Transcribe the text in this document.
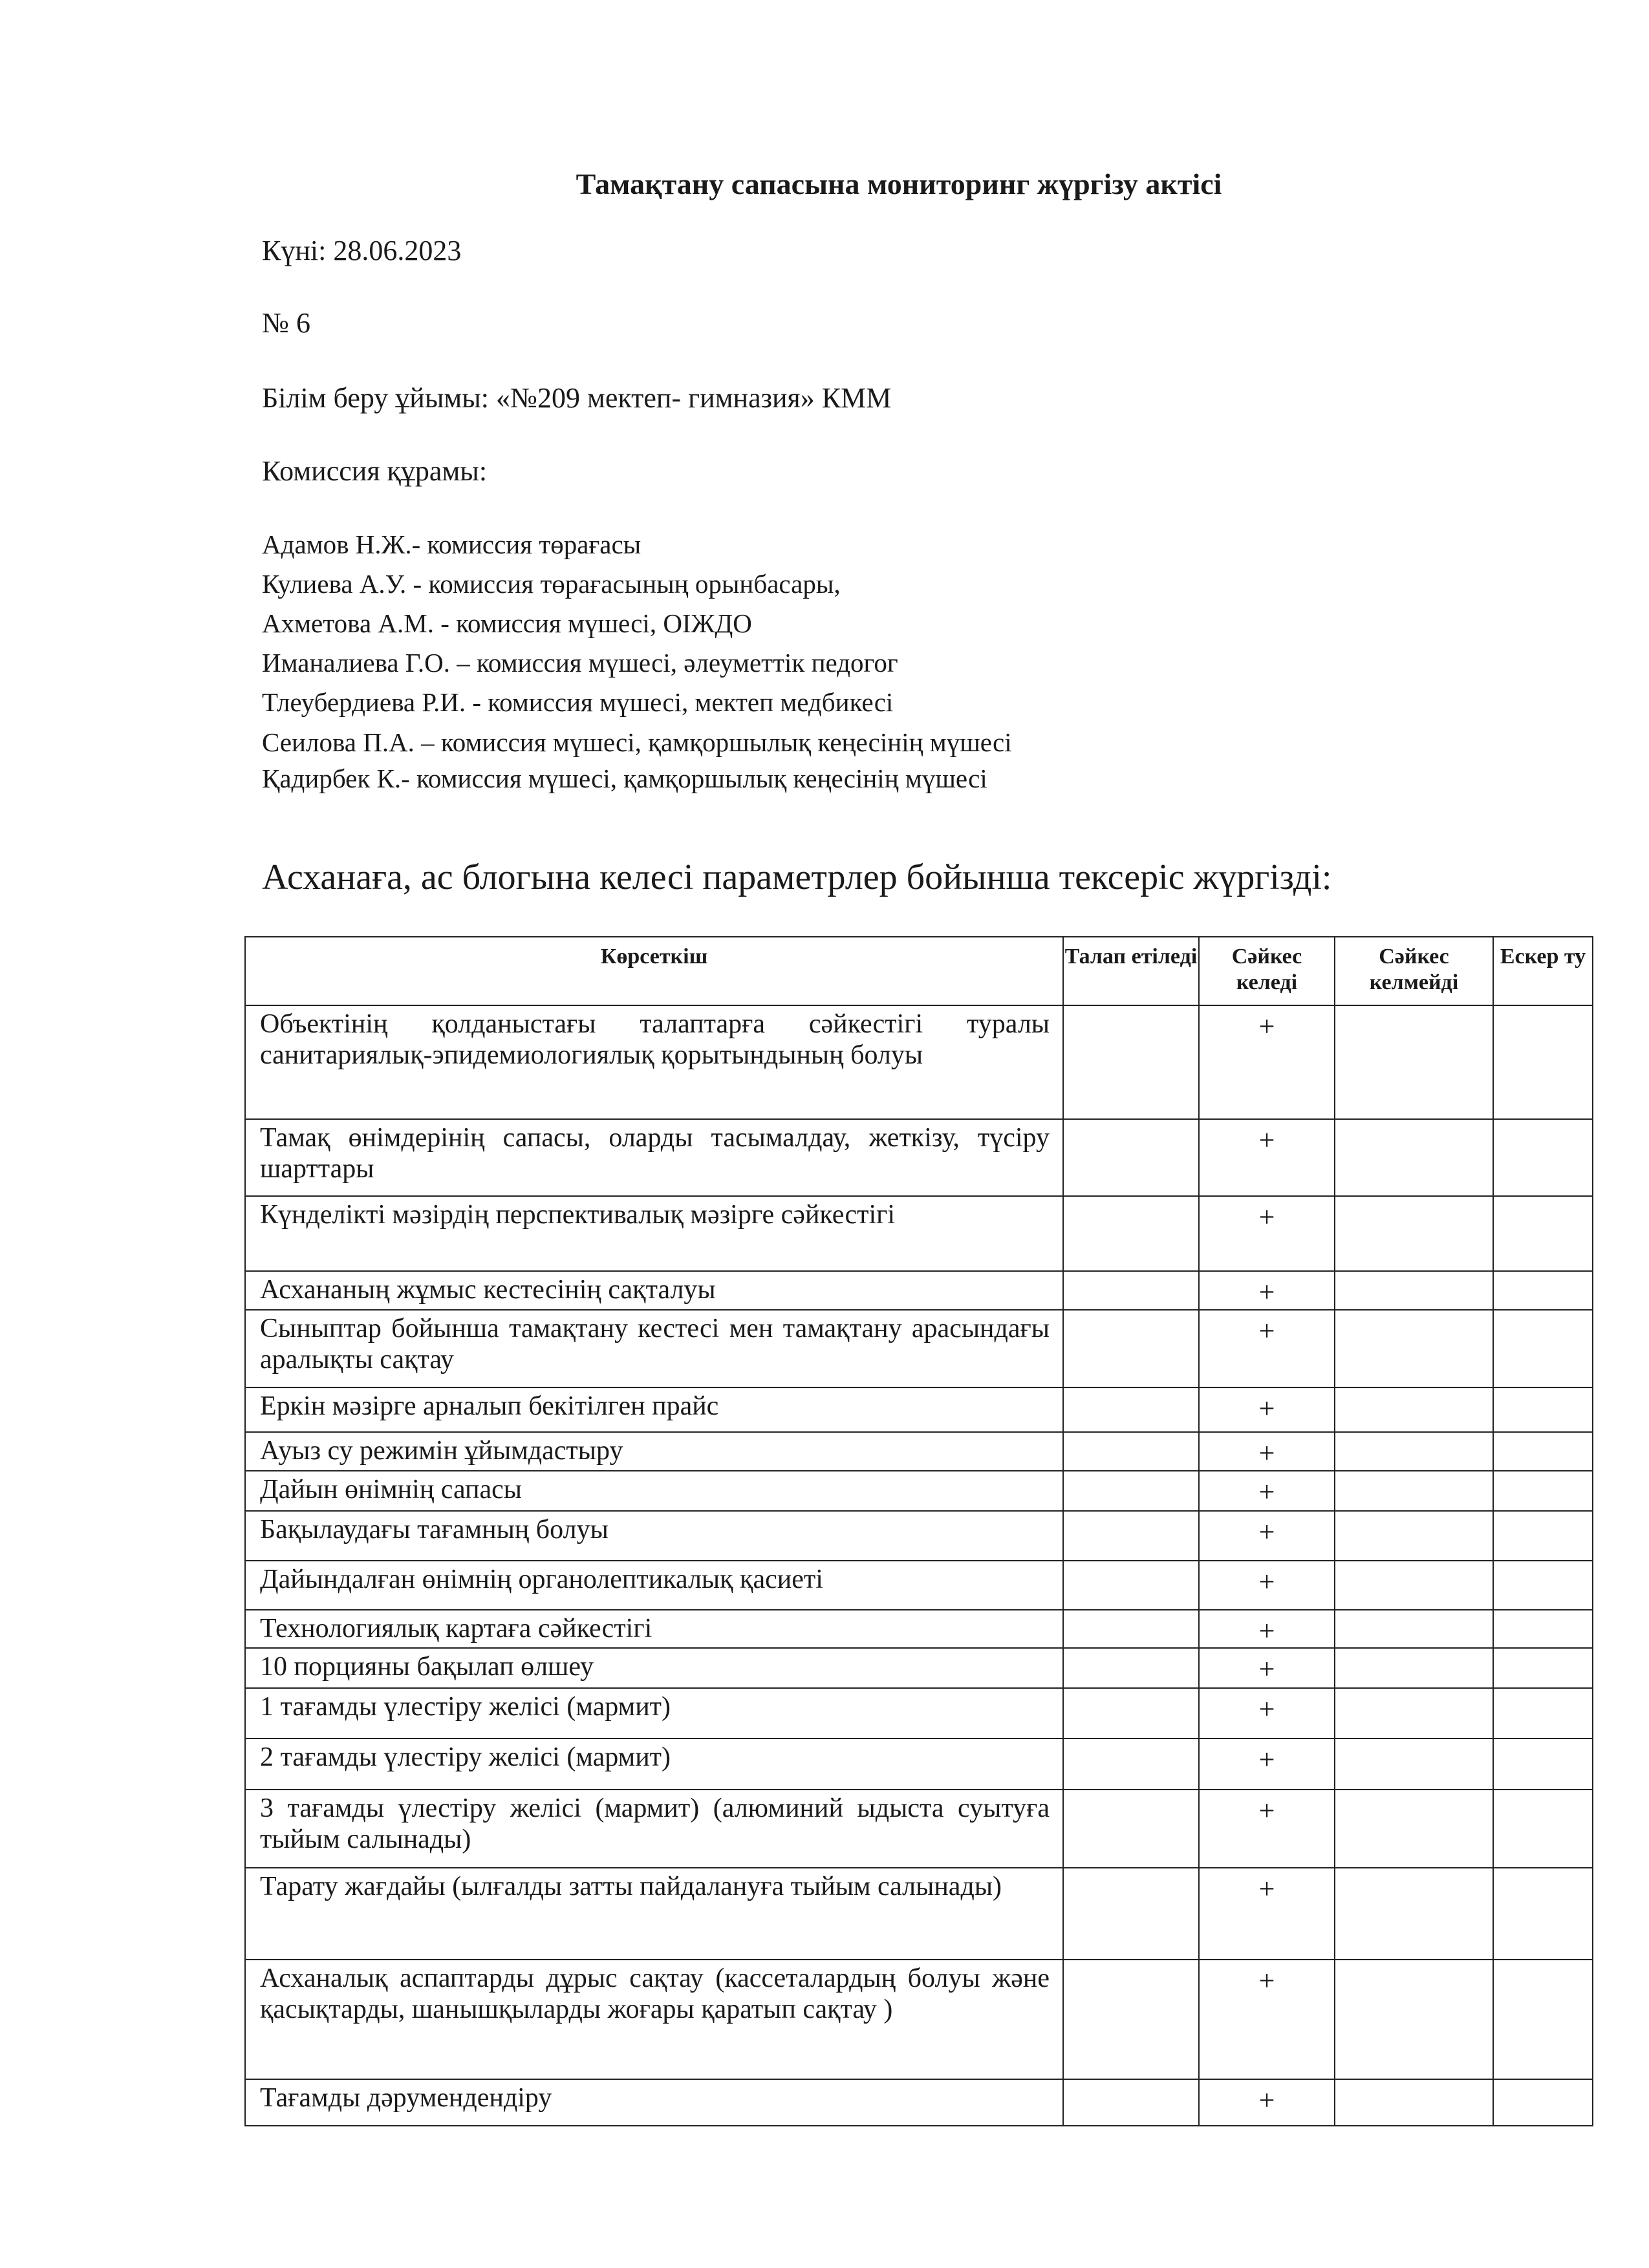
Тамақтану сапасына мониторинг жүргізу актісі

Күні: 28.06.2023

№ 6

Білім беру ұйымы: «№209 мектеп- гимназия» КММ

Комиссия құрамы:

Адамов Н.Ж.- комиссия төрағасы

Кулиева А.У. - комиссия төрағасының орынбасары,

Ахметова А.М. - комиссия мүшесі, ОІЖДО

Иманалиева Г.О. – комиссия мүшесі, әлеуметтік педогог

Тлеубердиева Р.И. - комиссия мүшесі, мектеп медбикесі

Сеилова П.А. – комиссия мүшесі, қамқоршылық кеңесінің мүшесі

Қадирбек К.- комиссия мүшесі, қамқоршылық кеңесінің мүшесі

Асханаға, ас блогына келесі параметрлер бойынша тексеріс жүргізді:

Көрсеткіш	Талап етіледі	Сәйкес келеді	Сәйкес келмейді	Ескер ту
Объектінің қолданыстағы талаптарға сәйкестігі туралы санитариялық-эпидемиологиялық қорытындының болуы		+		
Тамақ өнімдерінің сапасы, оларды тасымалдау, жеткізу, түсіру шарттары		+		
Күнделікті мәзірдің перспективалық мәзірге сәйкестігі		+		
Асхананың жұмыс кестесінің сақталуы		+		
Сыныптар бойынша тамақтану кестесі мен тамақтану арасындағы аралықты сақтау		+		
Еркін мәзірге арналып бекітілген прайс		+		
Ауыз су режимін ұйымдастыру		+		
Дайын өнімнің сапасы		+		
Бақылаудағы тағамның болуы		+		
Дайындалған өнімнің органолептикалық қасиеті		+		
Технологиялық картаға сәйкестігі		+		
10 порцияны бақылап өлшеу		+		
1 тағамды үлестіру желісі (мармит)		+		
2 тағамды үлестіру желісі (мармит)		+		
3 тағамды үлестіру желісі (мармит) (алюминий ыдыста суытуға тыйым салынады)		+		
Тарату жағдайы (ылғалды затты пайдалануға тыйым салынады)		+		
Асханалық аспаптарды дұрыс сақтау (кассеталардың болуы және қасықтарды, шанышқыларды жоғары қаратып сақтау )		+		
Тағамды дәрумендендіру		+		
